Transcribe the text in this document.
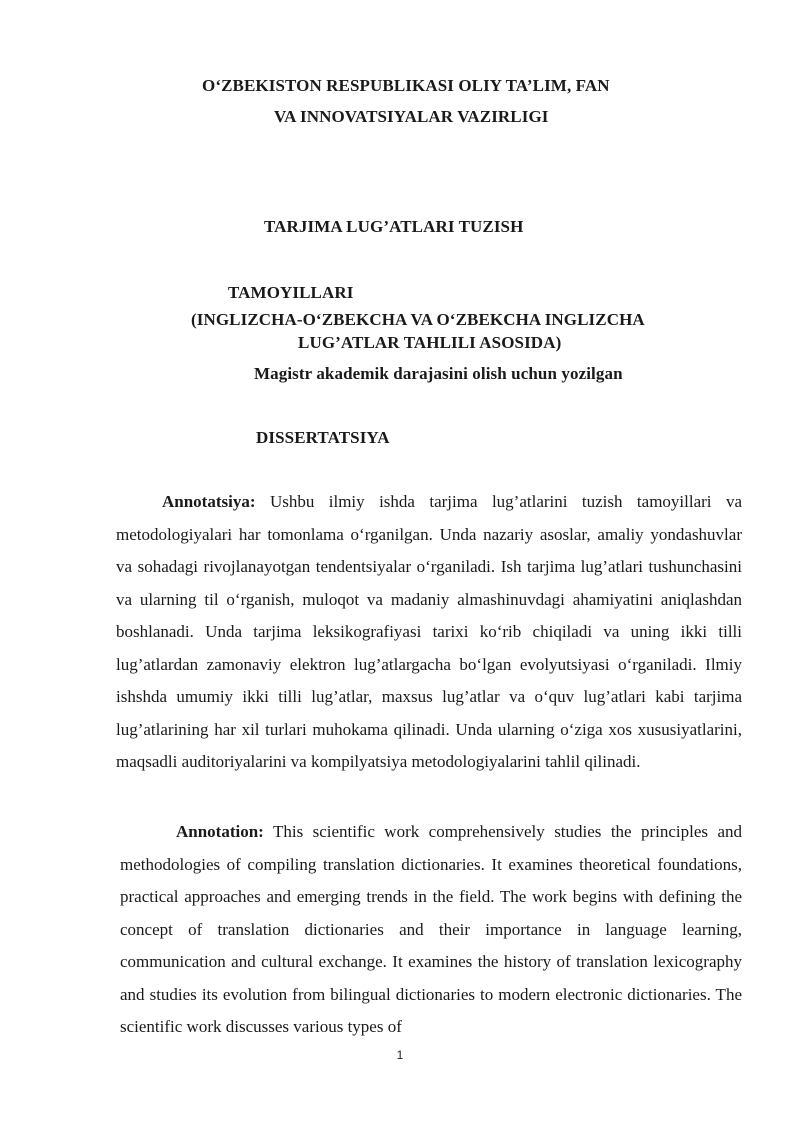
O‘ZBEKISTON RESPUBLIKASI OLIY TA’LIM, FAN
VA INNOVATSIYALAR VAZIRLIGI
TARJIMA LUG’ATLARI TUZISH
TAMOYILLARI
(INGLIZCHA-O‘ZBEKCHA VA O‘ZBEKCHA INGLIZCHA
LUG’ATLAR TAHLILI ASOSIDA)
Magistr akademik darajasini olish uchun yozilgan
DISSERTATSIYA
Annotatsiya: Ushbu ilmiy ishda tarjima lug’atlarini tuzish tamoyillari va metodologiyalari har tomonlama o‘rganilgan. Unda nazariy asoslar, amaliy yondashuvlar va sohadagi rivojlanayotgan tendentsiyalar o‘rganiladi. Ish tarjima lug’atlari tushunchasini va ularning til o‘rganish, muloqot va madaniy almashinuvdagi ahamiyatini aniqlashdan boshlanadi. Unda tarjima leksikografiyasi tarixi ko‘rib chiqiladi va uning ikki tilli lug’atlardan zamonaviy elektron lug’atlargacha bo‘lgan evolyutsiyasi o‘rganiladi. Ilmiy ishshda umumiy ikki tilli lug’atlar, maxsus lug’atlar va o‘quv lug’atlari kabi tarjima lug’atlarining har xil turlari muhokama qilinadi. Unda ularning o‘ziga xos xususiyatlarini, maqsadli auditoriyalarini va kompilyatsiya metodologiyalarini tahlil qilinadi.
Annotation: This scientific work comprehensively studies the principles and methodologies of compiling translation dictionaries. It examines theoretical foundations, practical approaches and emerging trends in the field. The work begins with defining the concept of translation dictionaries and their importance in language learning, communication and cultural exchange. It examines the history of translation lexicography and studies its evolution from bilingual dictionaries to modern electronic dictionaries. The scientific work discusses various types of
1
